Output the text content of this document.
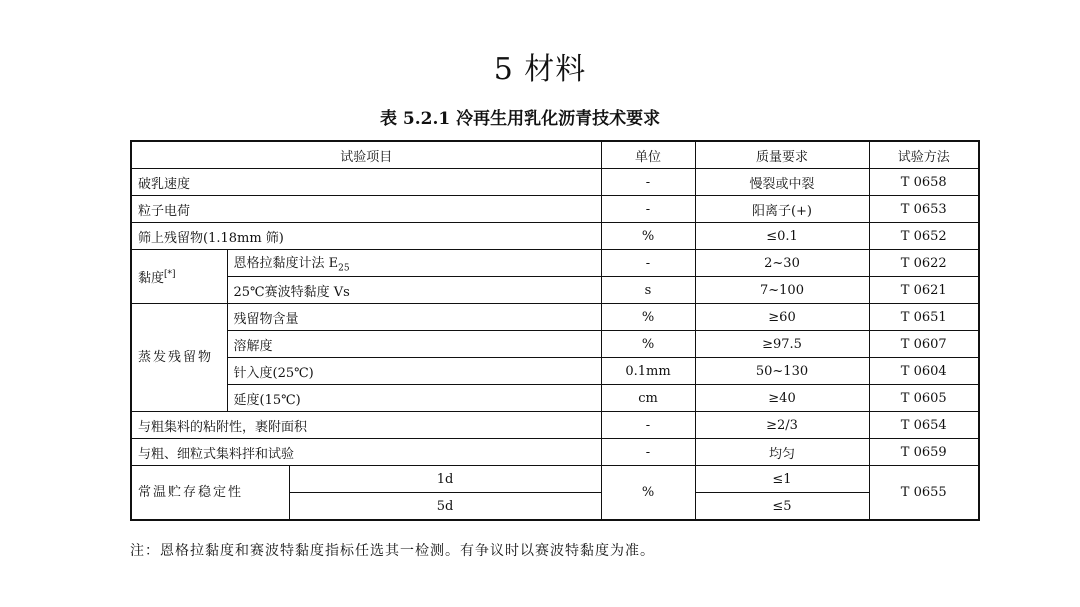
5 材料
表 5.2.1 冷再生用乳化沥青技术要求
试验项目			单位	质量要求	试验方法
破乳速度			-	慢裂或中裂	T 0658
粒子电荷			-	阳离子(+)	T 0653
筛上残留物(1.18mm 筛)			%	≤0.1	T 0652
黏度[*]	恩格拉黏度计法 $E_{25}$		-	2~30	T 0622
	25℃赛波特黏度 Vs		s	7~100	T 0621
蒸发残留物	残留物含量		%	≥60	T 0651
	溶解度		%	≥97.5	T 0607
	针入度(25℃)		0.1mm	50~130	T 0604
	延度(15℃)		cm	≥40	T 0605
与粗集料的粘附性，裹附面积			-	≥2/3	T 0654
与粗、细粒式集料拌和试验			-	均匀	T 0659
常温贮存稳定性		1d	%	≤1	T 0655
		5d		≤5	
注：恩格拉黏度和赛波特黏度指标任选其一检测。有争议时以赛波特黏度为准。
